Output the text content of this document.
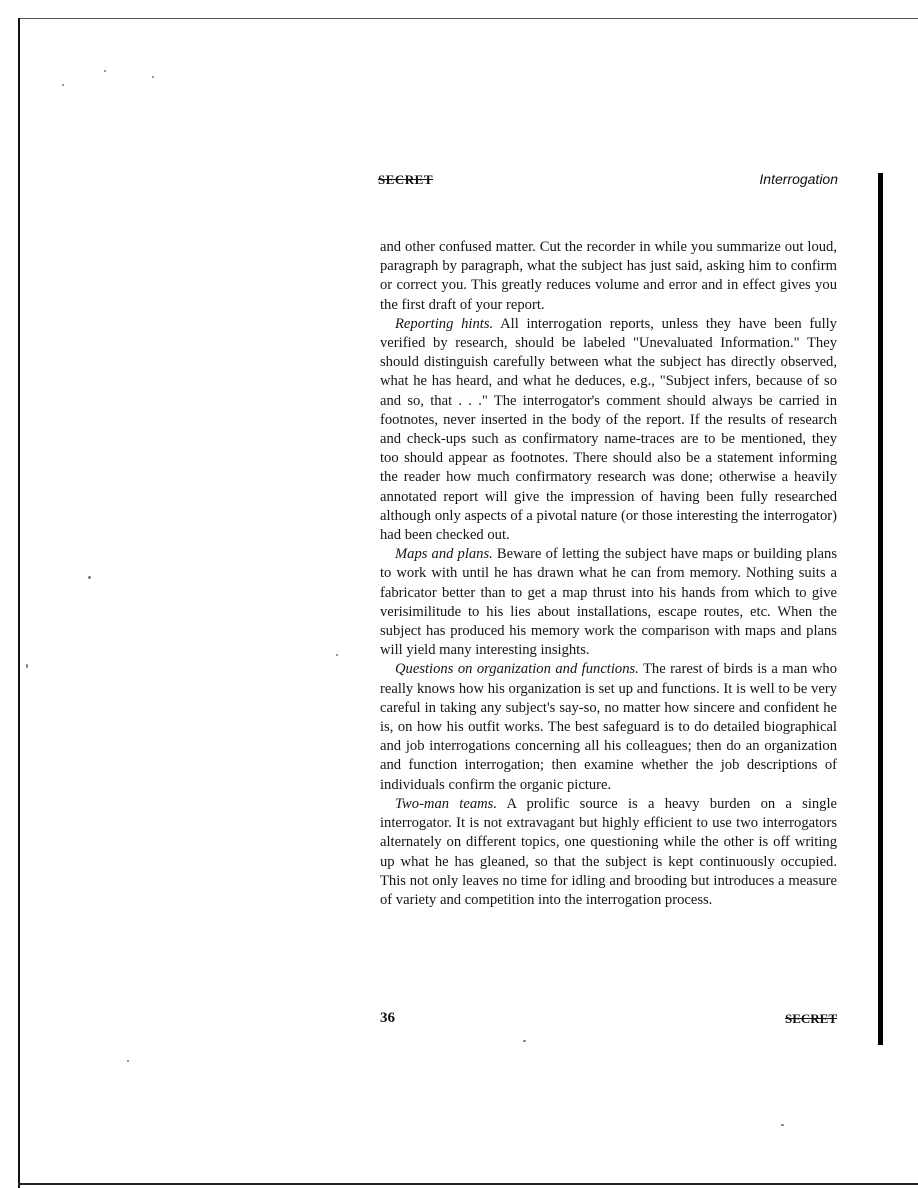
SECRET	Interrogation

and other confused matter. Cut the recorder in while you summarize out loud, paragraph by paragraph, what the subject has just said, asking him to confirm or correct you. This greatly reduces volume and error and in effect gives you the first draft of your report.

Reporting hints. All interrogation reports, unless they have been fully verified by research, should be labeled "Unevaluated Information." They should distinguish carefully between what the subject has directly observed, what he has heard, and what he deduces, e.g., "Subject infers, because of so and so, that . . ." The interrogator's comment should always be carried in footnotes, never inserted in the body of the report. If the results of research and check-ups such as confirmatory name-traces are to be mentioned, they too should appear as footnotes. There should also be a statement informing the reader how much confirmatory research was done; otherwise a heavily annotated report will give the impression of having been fully researched although only aspects of a pivotal nature (or those interesting the interrogator) had been checked out.

Maps and plans. Beware of letting the subject have maps or building plans to work with until he has drawn what he can from memory. Nothing suits a fabricator better than to get a map thrust into his hands from which to give verisimilitude to his lies about installations, escape routes, etc. When the subject has produced his memory work the comparison with maps and plans will yield many interesting insights.

Questions on organization and functions. The rarest of birds is a man who really knows how his organization is set up and functions. It is well to be very careful in taking any subject's say-so, no matter how sincere and confident he is, on how his outfit works. The best safeguard is to do detailed biographical and job interrogations concerning all his colleagues; then do an organization and function interrogation; then examine whether the job descriptions of individuals confirm the organic picture.

Two-man teams. A prolific source is a heavy burden on a single interrogator. It is not extravagant but highly efficient to use two interrogators alternately on different topics, one questioning while the other is off writing up what he has gleaned, so that the subject is kept continuously occupied. This not only leaves no time for idling and brooding but introduces a measure of variety and competition into the interrogation process.

36	SECRET
